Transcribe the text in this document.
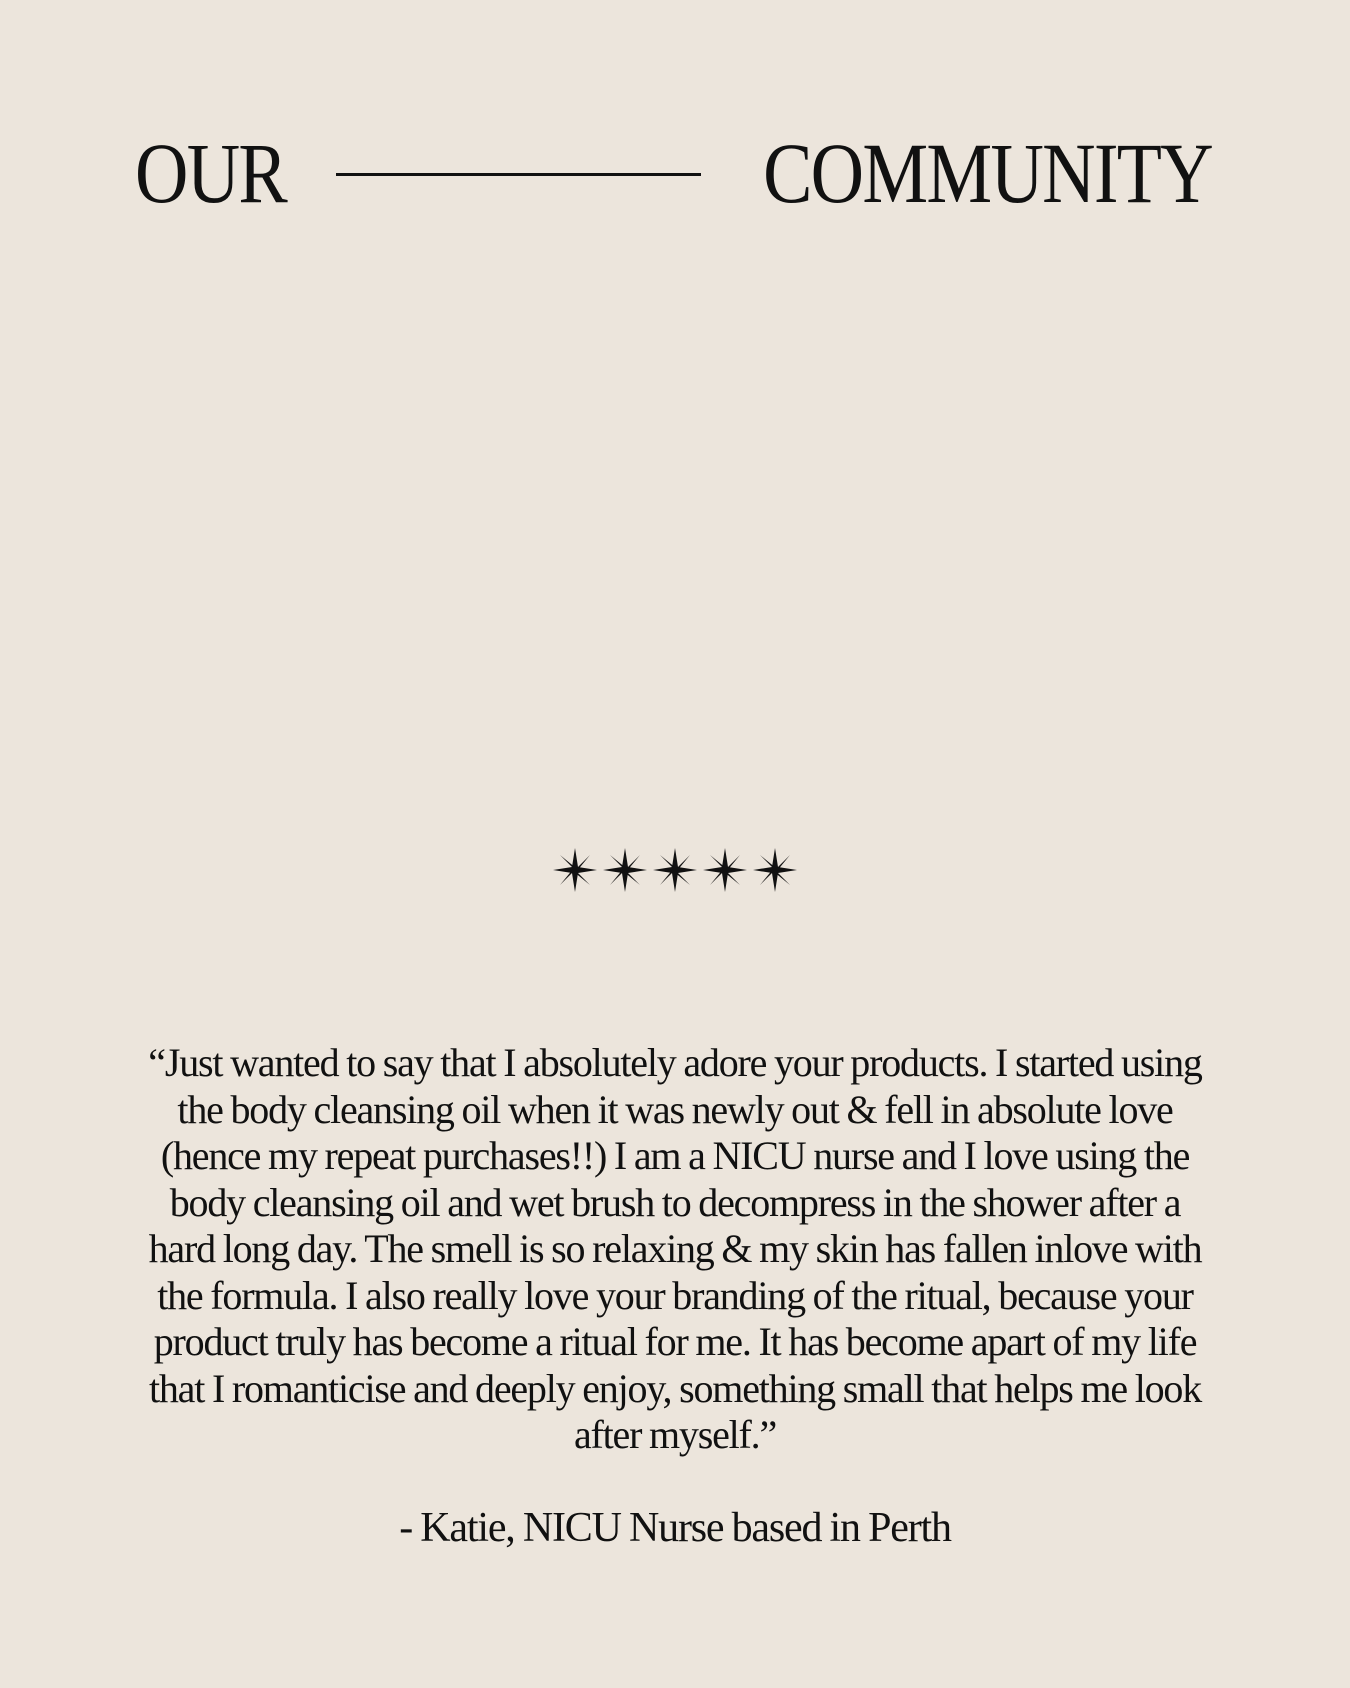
OUR	COMMUNITY

“Just wanted to say that I absolutely adore your products. I started using the body cleansing oil when it was newly out & fell in absolute love (hence my repeat purchases!!) I am a NICU nurse and I love using the body cleansing oil and wet brush to decompress in the shower after a hard long day. The smell is so relaxing & my skin has fallen inlove with the formula. I also really love your branding of the ritual, because your product truly has become a ritual for me. It has become apart of my life that I romanticise and deeply enjoy, something small that helps me look after myself.”

- Katie, NICU Nurse based in Perth
